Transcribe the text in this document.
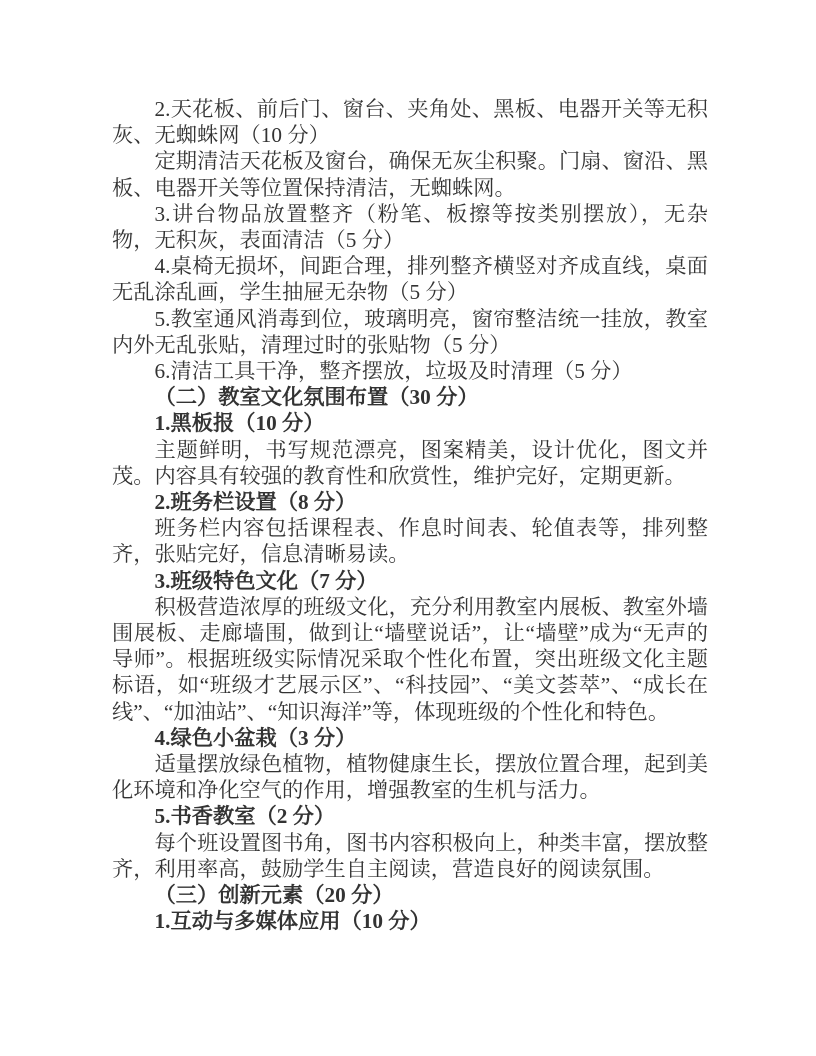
2.天花板、前后门、窗台、夹角处、黑板、电器开关等无积灰、无蜘蛛网（10 分）

定期清洁天花板及窗台，确保无灰尘积聚。门扇、窗沿、黑板、电器开关等位置保持清洁，无蜘蛛网。

3.讲台物品放置整齐（粉笔、板擦等按类别摆放），无杂物，无积灰，表面清洁（5 分）

4.桌椅无损坏，间距合理，排列整齐横竖对齐成直线，桌面无乱涂乱画，学生抽屉无杂物（5 分）

5.教室通风消毒到位，玻璃明亮，窗帘整洁统一挂放，教室内外无乱张贴，清理过时的张贴物（5 分）

6.清洁工具干净，整齐摆放，垃圾及时清理（5 分）

（二）教室文化氛围布置（30 分）

1.黑板报（10 分）

主题鲜明，书写规范漂亮，图案精美，设计优化，图文并茂。内容具有较强的教育性和欣赏性，维护完好，定期更新。

2.班务栏设置（8 分）

班务栏内容包括课程表、作息时间表、轮值表等，排列整齐，张贴完好，信息清晰易读。

3.班级特色文化（7 分）

积极营造浓厚的班级文化，充分利用教室内展板、教室外墙围展板、走廊墙围，做到让“墙壁说话”，让“墙壁”成为“无声的导师”。根据班级实际情况采取个性化布置，突出班级文化主题标语，如“班级才艺展示区”、“科技园”、“美文荟萃”、“成长在线”、“加油站”、“知识海洋”等，体现班级的个性化和特色。

4.绿色小盆栽（3 分）

适量摆放绿色植物，植物健康生长，摆放位置合理，起到美化环境和净化空气的作用，增强教室的生机与活力。

5.书香教室（2 分）

每个班设置图书角，图书内容积极向上，种类丰富，摆放整齐，利用率高，鼓励学生自主阅读，营造良好的阅读氛围。

（三）创新元素（20 分）

1.互动与多媒体应用（10 分）
